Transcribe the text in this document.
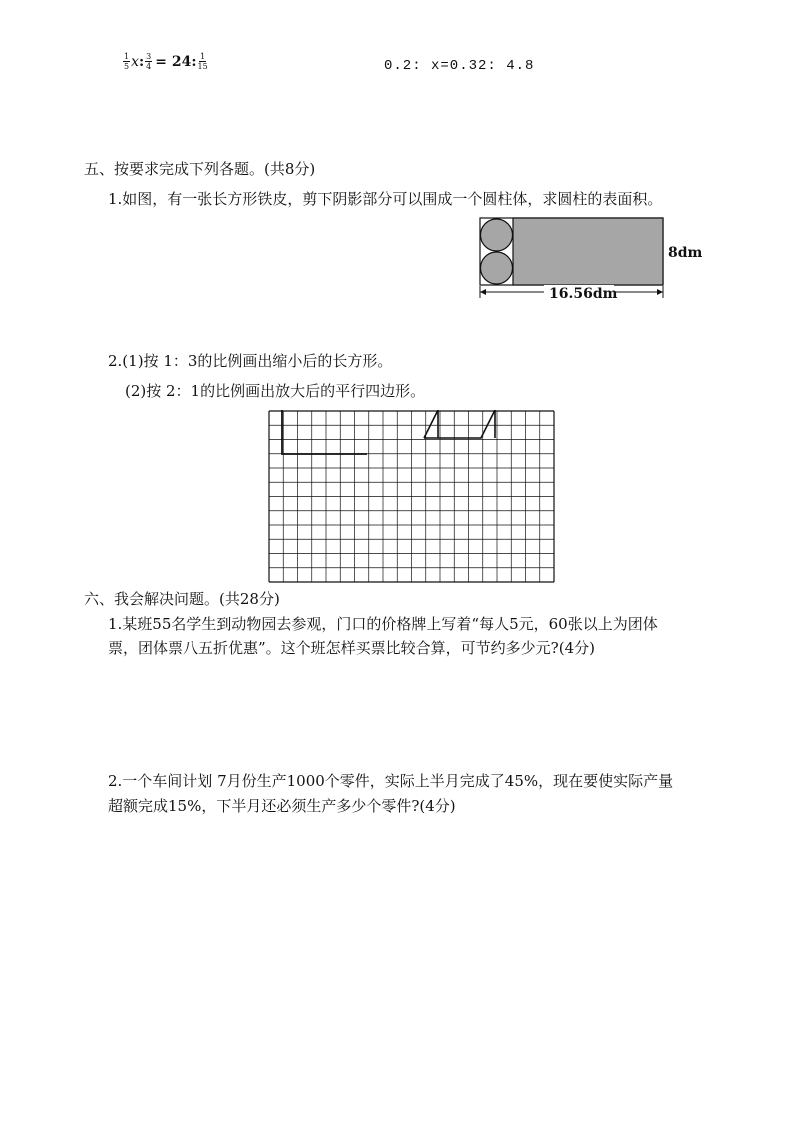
$\frac{1}{5}$ x : $\frac{3}{4} = 24$: $\frac{1}{15}$	0.2: x=0.32: 4.8
五、按要求完成下列各题。(共8分)
1.如图，有一张长方形铁皮，剪下阴影部分可以围成一个圆柱体，求圆柱的表面积。
8dm
16.56dm
2.(1)按 1：3的比例画出缩小后的长方形。
(2)按 2：1的比例画出放大后的平行四边形。
六、我会解决问题。(共28分)
1.某班55名学生到动物园去参观，门口的价格牌上写着“每人5元，60张以上为团体
票，团体票八五折优惠”。这个班怎样买票比较合算，可节约多少元?(4分)
2.一个车间计划 7月份生产1000个零件，实际上半月完成了45%，现在要使实际产量
超额完成15%，下半月还必须生产多少个零件?(4分)
